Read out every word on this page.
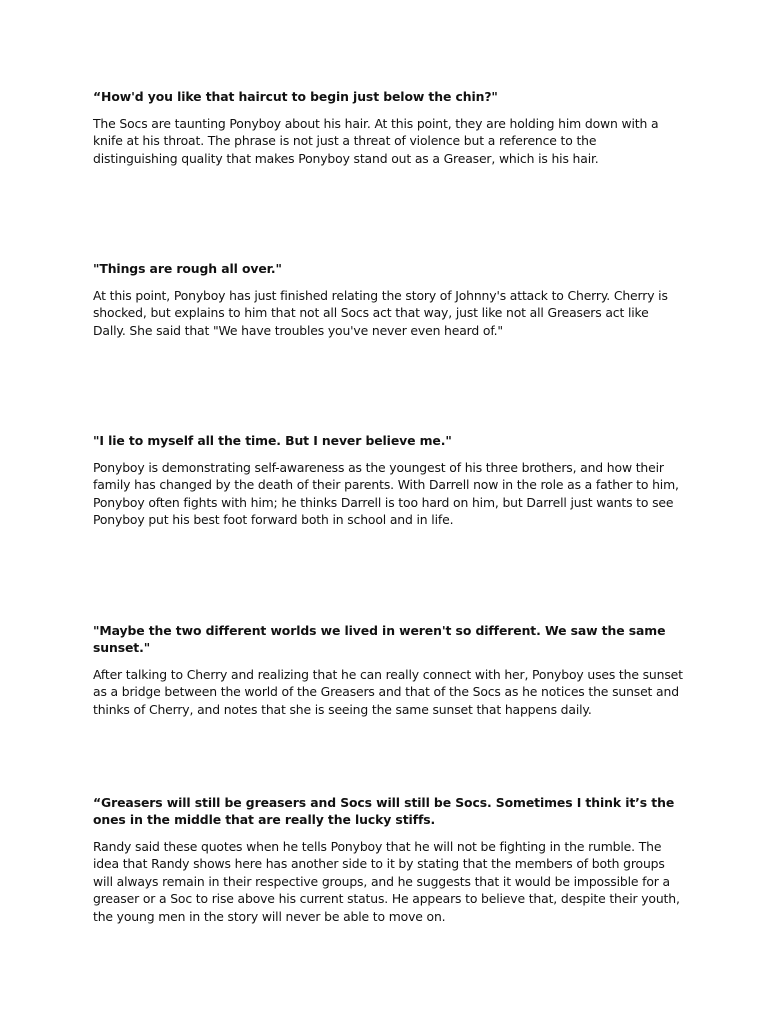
“How'd you like that haircut to begin just below the chin?"

The Socs are taunting Ponyboy about his hair. At this point, they are holding him down with a knife at his throat. The phrase is not just a threat of violence but a reference to the distinguishing quality that makes Ponyboy stand out as a Greaser, which is his hair.

"Things are rough all over."

At this point, Ponyboy has just finished relating the story of Johnny's attack to Cherry. Cherry is shocked, but explains to him that not all Socs act that way, just like not all Greasers act like Dally. She said that "We have troubles you've never even heard of."

"I lie to myself all the time. But I never believe me."

Ponyboy is demonstrating self-awareness as the youngest of his three brothers, and how their family has changed by the death of their parents. With Darrell now in the role as a father to him, Ponyboy often fights with him; he thinks Darrell is too hard on him, but Darrell just wants to see Ponyboy put his best foot forward both in school and in life.

"Maybe the two different worlds we lived in weren't so different. We saw the same sunset."

After talking to Cherry and realizing that he can really connect with her, Ponyboy uses the sunset as a bridge between the world of the Greasers and that of the Socs as he notices the sunset and thinks of Cherry, and notes that she is seeing the same sunset that happens daily.

“Greasers will still be greasers and Socs will still be Socs. Sometimes I think it’s the ones in the middle that are really the lucky stiffs.

Randy said these quotes when he tells Ponyboy that he will not be fighting in the rumble. The idea that Randy shows here has another side to it by stating that the members of both groups will always remain in their respective groups, and he suggests that it would be impossible for a greaser or a Soc to rise above his current status. He appears to believe that, despite their youth, the young men in the story will never be able to move on.
